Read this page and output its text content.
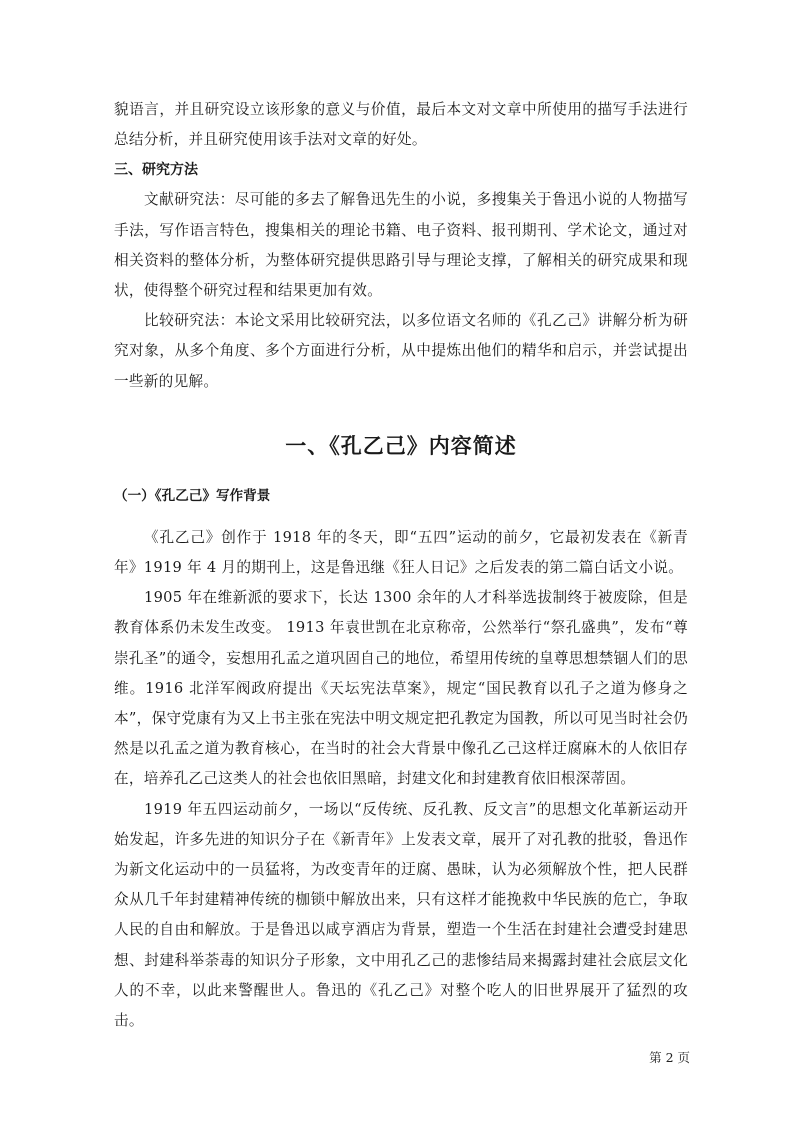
貌语言，并且研究设立该形象的意义与价值，最后本文对文章中所使用的描写手法进行总结分析，并且研究使用该手法对文章的好处。

三、研究方法

文献研究法：尽可能的多去了解鲁迅先生的小说，多搜集关于鲁迅小说的人物描写手法，写作语言特色，搜集相关的理论书籍、电子资料、报刊期刊、学术论文，通过对相关资料的整体分析，为整体研究提供思路引导与理论支撑，了解相关的研究成果和现状，使得整个研究过程和结果更加有效。

比较研究法：本论文采用比较研究法，以多位语文名师的《孔乙己》讲解分析为研究对象，从多个角度、多个方面进行分析，从中提炼出他们的精华和启示，并尝试提出一些新的见解。

一、《孔乙己》内容简述
（一）《孔乙己》写作背景

《孔乙己》创作于 1918 年的冬天，即“五四”运动的前夕，它最初发表在《新青年》1919 年 4 月的期刊上，这是鲁迅继《狂人日记》之后发表的第二篇白话文小说。

1905 年在维新派的要求下，长达 1300 余年的人才科举选拔制终于被废除，但是教育体系仍未发生改变。 1913 年袁世凯在北京称帝，公然举行“祭孔盛典”，发布“尊崇孔圣”的通令，妄想用孔孟之道巩固自己的地位，希望用传统的皇尊思想禁锢人们的思维。1916 北洋军阀政府提出《天坛宪法草案》，规定“国民教育以孔子之道为修身之本”，保守党康有为又上书主张在宪法中明文规定把孔教定为国教，所以可见当时社会仍然是以孔孟之道为教育核心，在当时的社会大背景中像孔乙己这样迂腐麻木的人依旧存在，培养孔乙己这类人的社会也依旧黑暗，封建文化和封建教育依旧根深蒂固。

1919 年五四运动前夕，一场以“反传统、反孔教、反文言”的思想文化革新运动开始发起，许多先进的知识分子在《新青年》上发表文章，展开了对孔教的批驳，鲁迅作为新文化运动中的一员猛将，为改变青年的迂腐、愚昧，认为必须解放个性，把人民群众从几千年封建精神传统的枷锁中解放出来，只有这样才能挽救中华民族的危亡，争取人民的自由和解放。于是鲁迅以咸亨酒店为背景，塑造一个生活在封建社会遭受封建思想、封建科举荼毒的知识分子形象，文中用孔乙己的悲惨结局来揭露封建社会底层文化人的不幸，以此来警醒世人。鲁迅的《孔乙己》对整个吃人的旧世界展开了猛烈的攻击。

第 2 页
